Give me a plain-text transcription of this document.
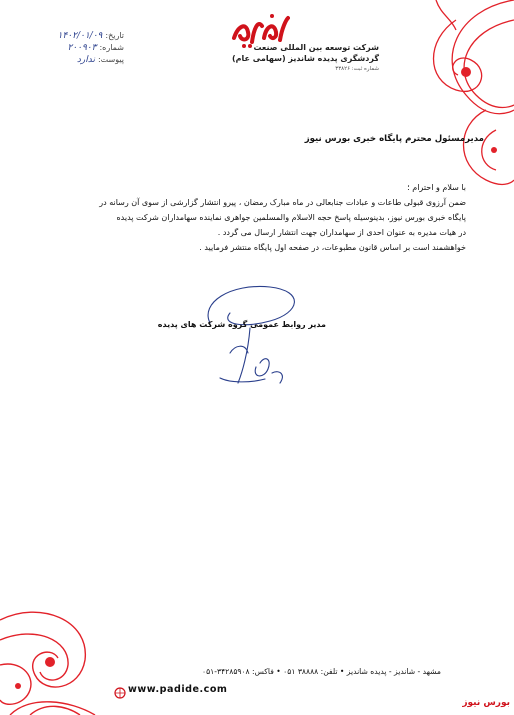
تاریخ:
۱۴۰۲/۰۱/۰۹
شماره:
۲۰۰۹۰۳
پیوست:
ندارد
شرکت توسعه بین المللی صنعت
گردشگری پدیده شاندیز (سهامی عام)
شماره ثبت: ۳۳۸۲۶
مدیرمسئول محترم پایگاه خبری بورس نیوز

با سلام و احترام ؛

ضمن آرزوی قبولی طاعات و عبادات جنابعالی در ماه مبارک رمضان ، پیرو انتشار گزارشی از سوی آن رسانه در

پایگاه خبری بورس نیوز، بدینوسیله پاسخ حجه الاسلام والمسلمین جواهری نماینده سهامداران شرکت پدیده

در هیات مدیره به عنوان احدی از سهامداران جهت انتشار ارسال می گردد .

خواهشمند است بر اساس قانون مطبوعات، در صفحه اول پایگاه منتشر فرمایید .

مدیر روابط عمومی گروه شرکت های پدیده
مشهد - شاندیز - پدیده شاندیز • تلفن: ۳۸۸۸۸ ۰۵۱ • فاکس: ۳۴۲۸۵۹۰۸-۰۵۱
www.padide.com
بورس نیوز
